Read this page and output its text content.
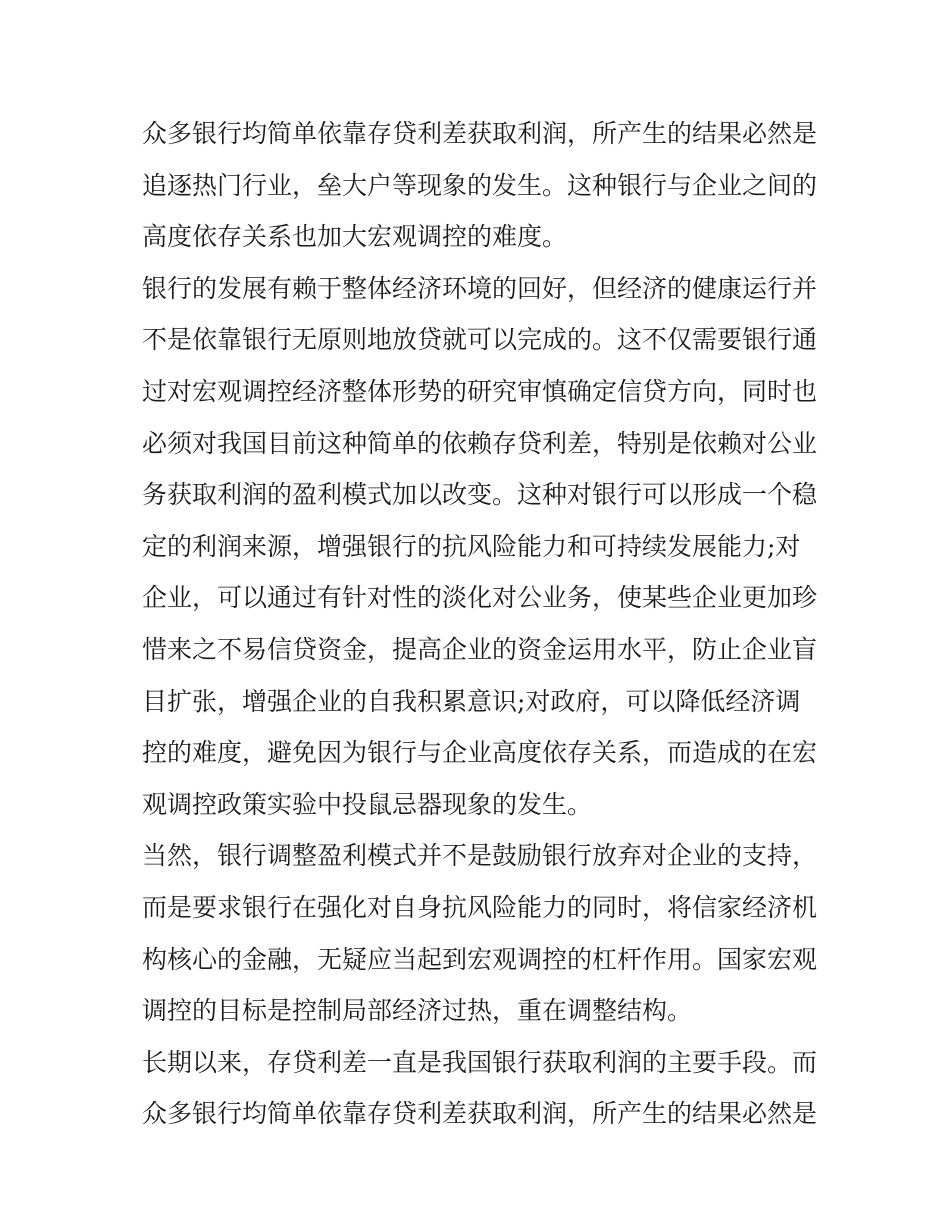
众多银行均简单依靠存贷利差获取利润，所产生的结果必然是
追逐热门行业，垒大户等现象的发生。这种银行与企业之间的
高度依存关系也加大宏观调控的难度。
银行的发展有赖于整体经济环境的回好，但经济的健康运行并
不是依靠银行无原则地放贷就可以完成的。这不仅需要银行通
过对宏观调控经济整体形势的研究审慎确定信贷方向，同时也
必须对我国目前这种简单的依赖存贷利差，特别是依赖对公业
务获取利润的盈利模式加以改变。这种对银行可以形成一个稳
定的利润来源，增强银行的抗风险能力和可持续发展能力;对
企业，可以通过有针对性的淡化对公业务，使某些企业更加珍
惜来之不易信贷资金，提高企业的资金运用水平，防止企业盲
目扩张，增强企业的自我积累意识;对政府，可以降低经济调
控的难度，避免因为银行与企业高度依存关系，而造成的在宏
观调控政策实验中投鼠忌器现象的发生。
当然，银行调整盈利模式并不是鼓励银行放弃对企业的支持，
而是要求银行在强化对自身抗风险能力的同时，将信家经济机
构核心的金融，无疑应当起到宏观调控的杠杆作用。国家宏观
调控的目标是控制局部经济过热，重在调整结构。
长期以来，存贷利差一直是我国银行获取利润的主要手段。而
众多银行均简单依靠存贷利差获取利润，所产生的结果必然是
